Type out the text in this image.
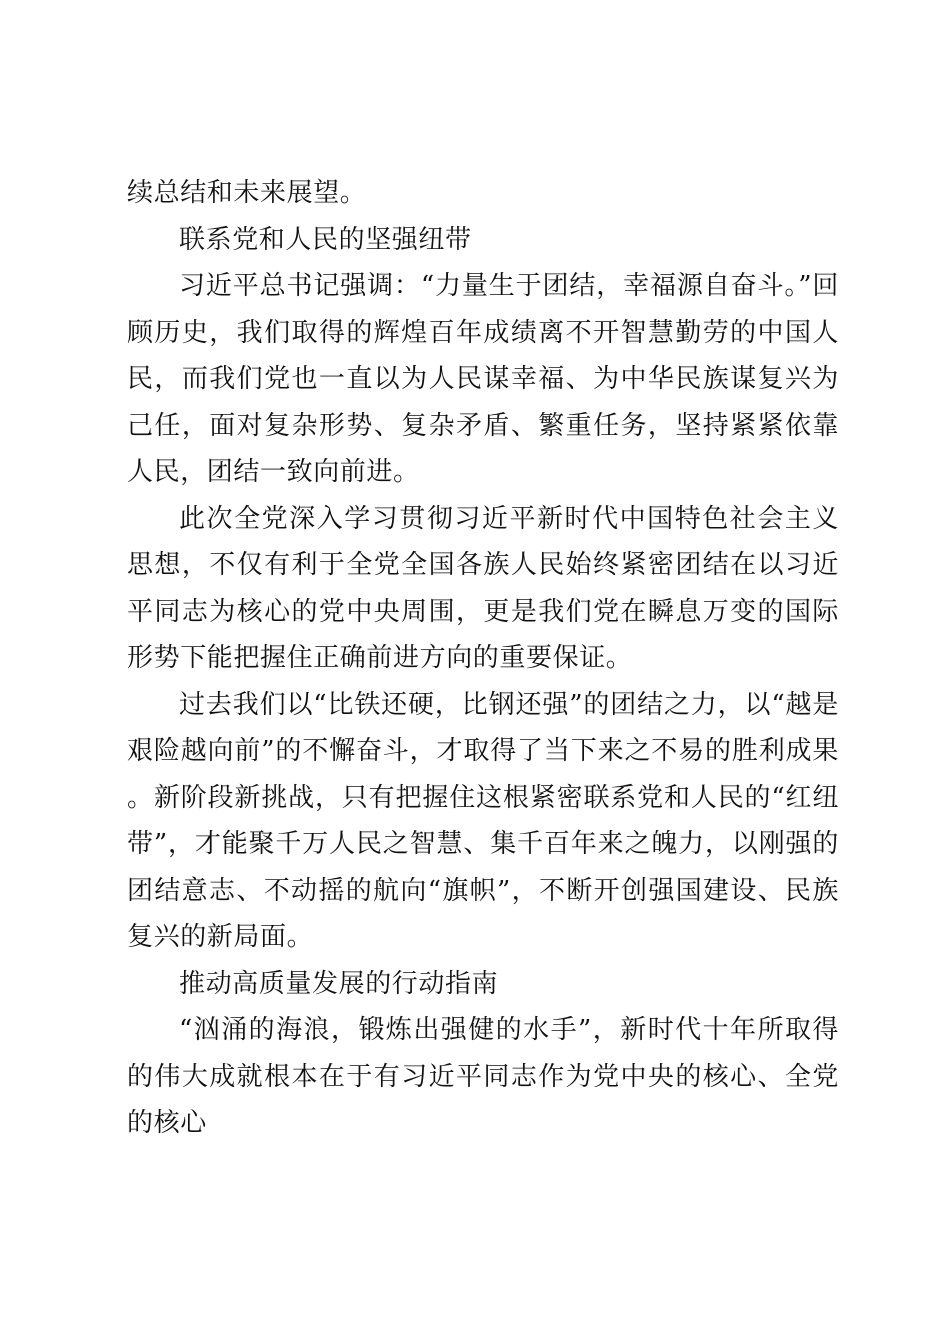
续总结和未来展望。

联系党和人民的坚强纽带

习近平总书记强调：“力量生于团结，幸福源自奋斗。”回顾历史，我们取得的辉煌百年成绩离不开智慧勤劳的中国人民，而我们党也一直以为人民谋幸福、为中华民族谋复兴为己任，面对复杂形势、复杂矛盾、繁重任务，坚持紧紧依靠人民，团结一致向前进。

此次全党深入学习贯彻习近平新时代中国特色社会主义思想，不仅有利于全党全国各族人民始终紧密团结在以习近平同志为核心的党中央周围，更是我们党在瞬息万变的国际形势下能把握住正确前进方向的重要保证。

过去我们以“比铁还硬，比钢还强”的团结之力，以“越是艰险越向前”的不懈奋斗，才取得了当下来之不易的胜利成果。新阶段新挑战，只有把握住这根紧密联系党和人民的“红纽带”，才能聚千万人民之智慧、集千百年来之魄力，以刚强的团结意志、不动摇的航向“旗帜”，不断开创强国建设、民族复兴的新局面。

推动高质量发展的行动指南

“汹涌的海浪，锻炼出强健的水手”，新时代十年所取得的伟大成就根本在于有习近平同志作为党中央的核心、全党的核心
